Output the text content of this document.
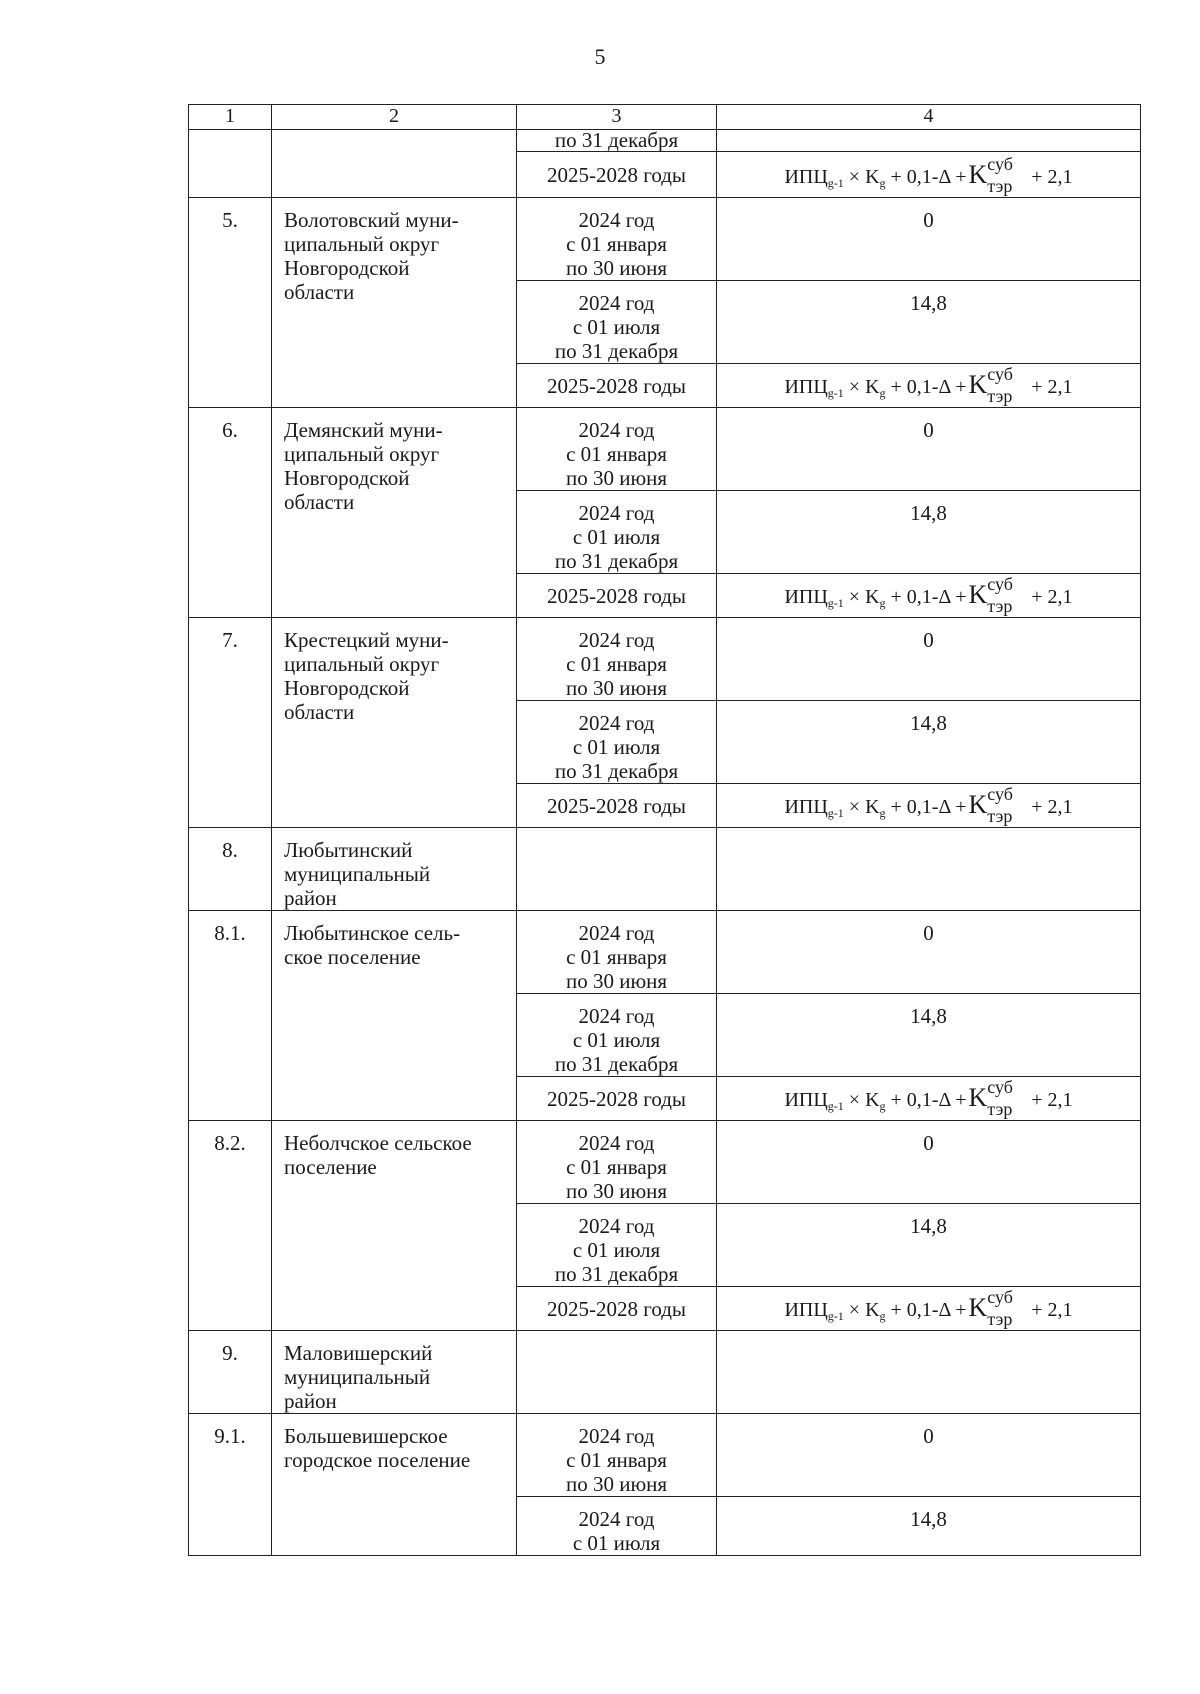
5
1	2	3	4
		по 31 декабря	
		2025-2028 годы	$ИПЦ_{g-1} \times K_g + 0,1-\Delta +K$ суб
тэр + 2,1
5.	Волотовский муни-
ципальный округ
Новгородской
области	2024 год
с 01 января
по 30 июня	0

		2024 год
с 01 июля
по 31 декабря	14,8
		2025-2028 годы	$ИПЦ_{g-1} \times K_g + 0,1-\Delta +K$ суб
тэр + 2,1
6.	Демянский муни-
ципальный округ
Новгородской
области	2024 год
с 01 января
по 30 июня	0

		2024 год
с 01 июля
по 31 декабря	14,8
		2025-2028 годы	$ИПЦ_{g-1} \times K_g + 0,1-\Delta +K$ суб
тэр + 2,1
7.	Крестецкий муни-
ципальный округ
Новгородской
области	2024 год
с 01 января
по 30 июня	0

		2024 год
с 01 июля
по 31 декабря	14,8
		2025-2028 годы	$ИПЦ_{g-1} \times K_g + 0,1-\Delta +K$ суб
тэр + 2,1
8.	Любытинский
муниципальный
район		

8.1.	Любытинское сель-
ское поселение	2024 год
с 01 января
по 30 июня	0

		2024 год
с 01 июля
по 31 декабря	14,8
		2025-2028 годы	$ИПЦ_{g-1} \times K_g + 0,1-\Delta +K$ суб
тэр + 2,1
8.2.	Неболчское сельское
поселение	2024 год
с 01 января
по 30 июня	0

		2024 год
с 01 июля
по 31 декабря	14,8
		2025-2028 годы	$ИПЦ_{g-1} \times K_g + 0,1-\Delta +K$ суб
тэр + 2,1
9.	Маловишерский
муниципальный
район		

9.1.	Большевишерское
городское поселение	2024 год
с 01 января
по 30 июня	0

		2024 год
с 01 июля	14,8
